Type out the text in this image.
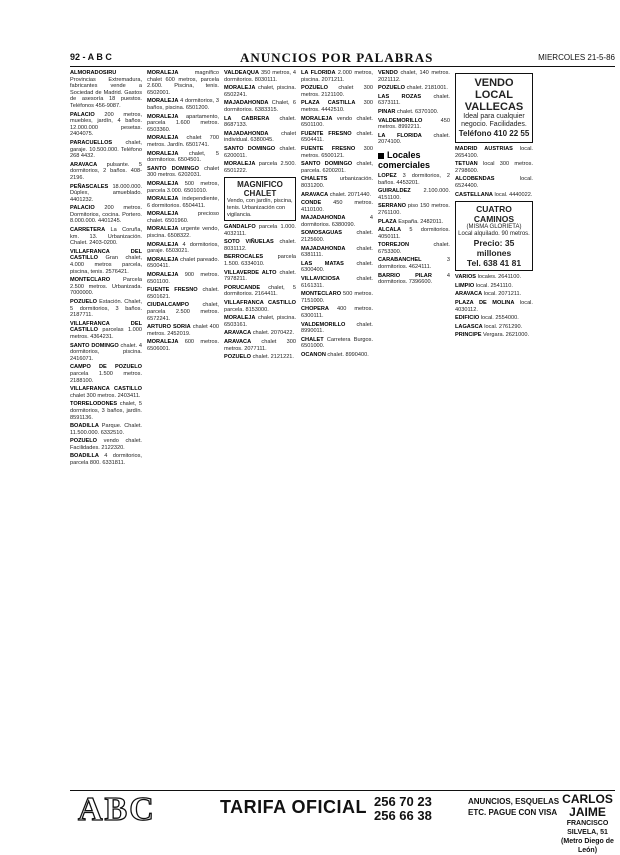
92 - A B C	ANUNCIOS POR PALABRAS	MIERCOLES 21-5-86

ALMORADOSIRU Provincias Extremadura, fabricantes vende a Sociedad de Madrid. Gastos de asesoría 18 puestos. Teléfonos 456-9087.

PALACIO 200 metros, muebles, jardín, 4 baños. 12.000.000 pesetas. 2404075.

PARACUELLOS chalet, garaje. 10.500.000. Teléfono 268 4432.

ARAVACA pulsante. 5 dormitorios, 2 baños. 408-2196.

PEÑASCALES 18.000.000. Dúplex, amueblado. 4401232.

PALACIO 200 metros. Dormitorios, cocina. Portero. 8.000.000. 4401245.

CARRETERA La Coruña, km. 13. Urbanización. Chalet. 2403-0200.

VILLAFRANCA DEL CASTILLO Gran chalet, 4.000 metros parcela, piscina, tenis. 2576421.

MONTECLARO Parcela 2.500 metros. Urbanizada. 7000000.

POZUELO Estación. Chalet, 5 dormitorios, 3 baños. 2187711.

VILLAFRANCA DEL CASTILLO parcelas 1.000 metros. 4364231.

SANTO DOMINGO chalet. 4 dormitorios, piscina. 2416071.

CAMPO DE POZUELO parcela 1.500 metros. 2188100.

VILLAFRANCA CASTILLO chalet 300 metros. 2403411.

TORRELODONES chalet, 5 dormitorios, 3 baños, jardín. 8591136.

BOADILLA Parque. Chalet. 11.500.000. 6332510.

POZUELO vendo chalet. Facilidades. 2122320.

BOADILLA 4 dormitorios, parcela 800. 6331811.

MORALEJA magnífico chalet 600 metros, parcela 2.600. Piscina, tenis. 6502001.

MORALEJA 4 dormitorios, 3 baños, piscina. 6501200.

MORALEJA apartamento, parcela 1.600 metros. 6503360.

MORALEJA chalet 700 metros. Jardín. 6501741.

MORALEJA chalet, 5 dormitorios. 6504501.

SANTO DOMINGO chalet 300 metros. 6202031.

MORALEJA 500 metros, parcela 3.000. 6501010.

MORALEJA independiente, 6 dormitorios. 6504411.

MORALEJA precioso chalet. 6501960.

MORALEJA urgente vendo, piscina. 6508322.

MORALEJA 4 dormitorios, garaje. 6503021.

MORALEJA chalet pareado. 6500411.

MORALEJA 900 metros. 6501100.

FUENTE FRESNO chalet. 6501621.

CIUDALCAMPO chalet, parcela 2.500 metros. 6572241.

ARTURO SORIA chalet 400 metros. 2452019.

MORALEJA 600 metros. 6506001.

VALDEAQUA 350 metros, 4 dormitorios. 8030111.

MORALEJA chalet, piscina. 6502241.

MAJADAHONDA Chalet, 6 dormitorios. 6383315.

LA CABRERA chalet. 8687133.

MAJADAHONDA chalet individual. 6380045.

SANTO DOMINGO chalet. 6200011.

MORALEJA parcela 2.500. 6501222.

MAGNIFICO CHALET
Vendo, con jardín, piscina, tenis. Urbanización con vigilancia.

GANDALFO parcela 1.000. 4032111.

SOTO VIÑUELAS chalet. 8031112.

BERROCALES parcela 1.500. 6334010.

VILLAVERDE ALTO chalet. 7978211.

PORUCANDE chalet, 5 dormitorios. 2164411.

VILLAFRANCA CASTILLO parcela. 8153000.

MORALEJA chalet, piscina. 6503161.

ARAVACA chalet. 2070422.

ARAVACA chalet 300 metros. 2077111.

POZUELO chalet. 2121221.

LA FLORIDA 2.000 metros, piscina. 2071211.

POZUELO chalet 300 metros. 2121100.

PLAZA CASTILLA 300 metros. 4442510.

MORALEJA vendo chalet. 6501100.

FUENTE FRESNO chalet. 6504411.

FUENTE FRESNO 300 metros. 6500121.

SANTO DOMINGO chalet, parcela. 6200201.

CHALETS urbanización. 8031200.

ARAVACA chalet. 2071440.

CONDE 450 metros. 4110100.

MAJADAHONDA 4 dormitorios. 6380090.

SOMOSAGUAS chalet. 2125600.

MAJADAHONDA chalet. 6381111.

LAS MATAS chalet. 6300400.

VILLAVICIOSA chalet. 6161311.

MONTECLARO 500 metros. 7151000.

CHOPERA 400 metros. 6300111.

VALDEMORILLO chalet. 8990011.

CHALET Carretera Burgos. 6501000.

OCANON chalet. 8990400.

VENDO chalet, 140 metros. 2021112.

POZUELO chalet. 2181001.

LAS ROZAS chalet. 6373111.

PINAR chalet. 6370100.

VALDEMORILLO 450 metros. 8992211.

LA FLORIDA chalet. 2074100.

Locales comerciales

LOPEZ 3 dormitorios, 2 baños. 4453201.

GUIRALDEZ 2.100.000. 4151100.

SERRANO piso 150 metros. 2761100.

PLAZA España. 2482011.

ALCALA 5 dormitorios. 4050111.

TORREJON chalet. 6753300.

CARABANCHEL 3 dormitorios. 4624111.

BARRIO PILAR 4 dormitorios. 7396600.

VENDO LOCAL
VALLECAS
Ideal para cualquier negocio. Facilidades.
Teléfono 410 22 55

MADRID AUSTRIAS local. 2654100.

TETUAN local 300 metros. 2798600.

ALCOBENDAS local. 6524400.

CASTELLANA local. 4440022.

CUATRO CAMINOS
(MISMA GLORIETA)
Local alquilado. 90 metros.
Precio: 35 millones
Tel. 638 41 81

VARIOS locales. 2641100.

LIMPIO local. 2541110.

ARAVACA local. 2071211.

PLAZA DE MOLINA local. 4030112.

EDIFICIO local. 2554000.

LAGASCA local. 2761290.

PRINCIPE Vergara. 2621000.

ABC	TARIFA OFICIAL 256 70 23
256 66 38
ANUNCIOS, ESQUELAS
ETC. PAGUE CON VISA
CARLOS JAIME
FRANCISCO SILVELA, 51
(Metro Diego de León)
